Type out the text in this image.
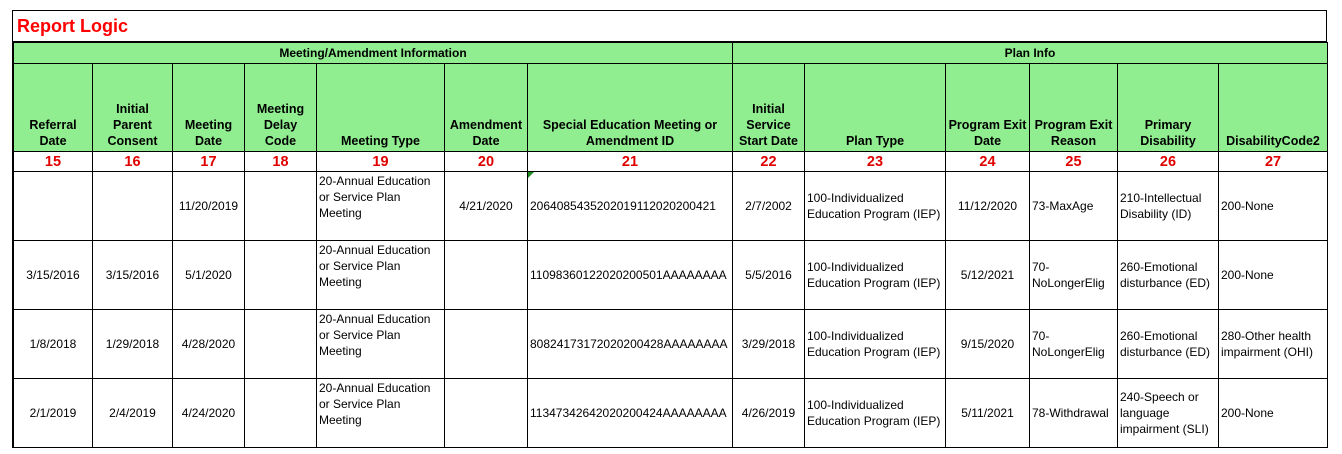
Report Logic
Meeting/Amendment Information							Plan Info					
Referral Date	Initial Parent Consent	Meeting Date	Meeting Delay Code	Meeting Type	Amendment Date	Special Education Meeting or Amendment ID	Initial Service Start Date	Plan Type	Program Exit Date	Program Exit Reason	Primary Disability	DisabilityCode2
15	16	17	18	19	20	21	22	23	24	25	26	27
		11/20/2019		20-Annual Education or Service Plan Meeting	4/21/2020	2064085435202019112020200421	2/7/2002	100-Individualized Education Program (IEP)	11/12/2020	73-MaxAge	210-Intellectual Disability (ID)	200-None
3/15/2016	3/15/2016	5/1/2020		20-Annual Education or Service Plan Meeting		1109836012202020050​1AAAAAAAA	5/5/2016	100-Individualized Education Program (IEP)	5/12/2021	70-NoLongerElig	260-Emotional disturbance (ED)	200-None
1/8/2018	1/29/2018	4/28/2020		20-Annual Education or Service Plan Meeting		808241731720202004​28AAAAAAAA	3/29/2018	100-Individualized Education Program (IEP)	9/15/2020	70-NoLongerElig	260-Emotional disturbance (ED)	280-Other health impairment (OHI)
2/1/2019	2/4/2019	4/24/2020		20-Annual Education or Service Plan Meeting		113473426420202004​24AAAAAAAA	4/26/2019	100-Individualized Education Program (IEP)	5/11/2021	78-Withdrawal	240-Speech or language impairment (SLI)	200-None
